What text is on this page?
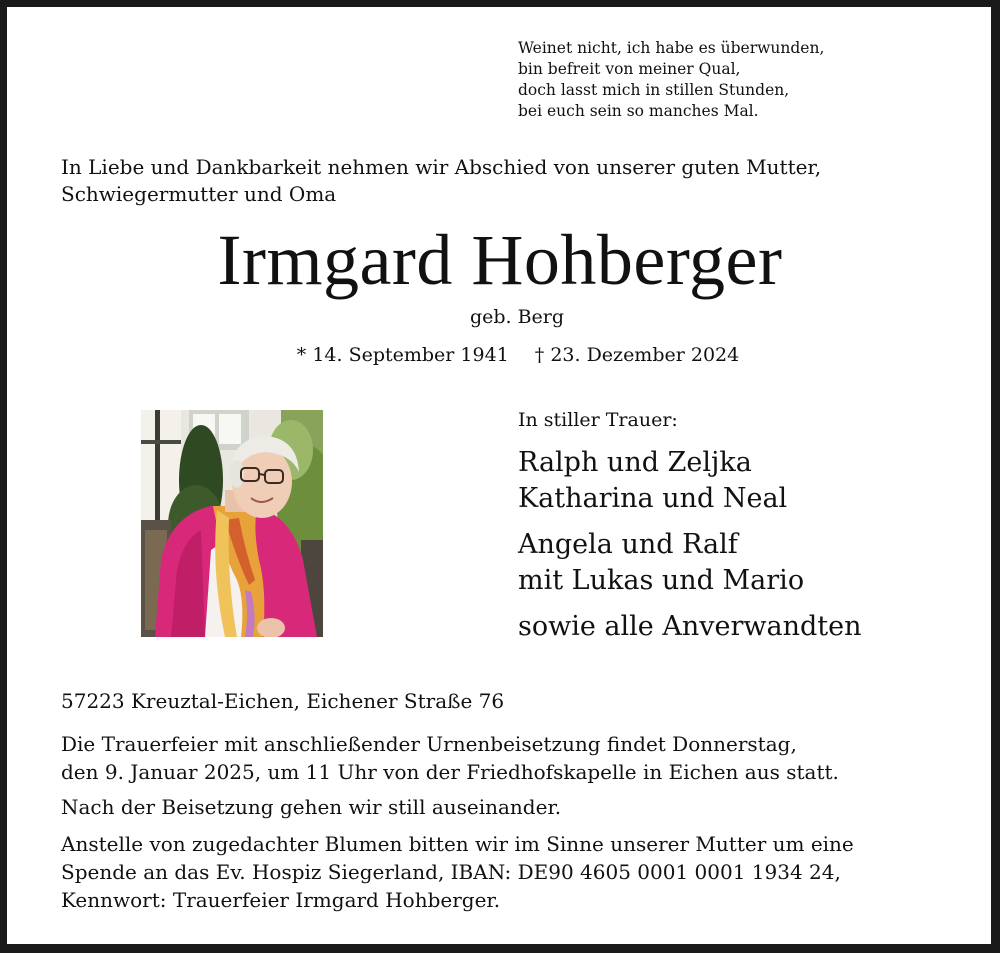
Weinet nicht, ich habe es überwunden,
bin befreit von meiner Qual,
doch lasst mich in stillen Stunden,
bei euch sein so manches Mal.
In Liebe und Dankbarkeit nehmen wir Abschied von unserer guten Mutter,
Schwiegermutter und Oma
Irmgard Hohberger
geb. Berg
* 14. September 1941 † 23. Dezember 2024
In stiller Trauer:
Ralph und Zeljka
Katharina und Neal
Angela und Ralf
mit Lukas und Mario
sowie alle Anverwandten
57223 Kreuztal-Eichen, Eichener Straße 76
Die Trauerfeier mit anschließender Urnenbeisetzung findet Donnerstag,
den 9. Januar 2025, um 11 Uhr von der Friedhofskapelle in Eichen aus statt.
Nach der Beisetzung gehen wir still auseinander.
Anstelle von zugedachter Blumen bitten wir im Sinne unserer Mutter um eine
Spende an das Ev. Hospiz Siegerland, IBAN: DE90 4605 0001 0001 1934 24,
Kennwort: Trauerfeier Irmgard Hohberger.
